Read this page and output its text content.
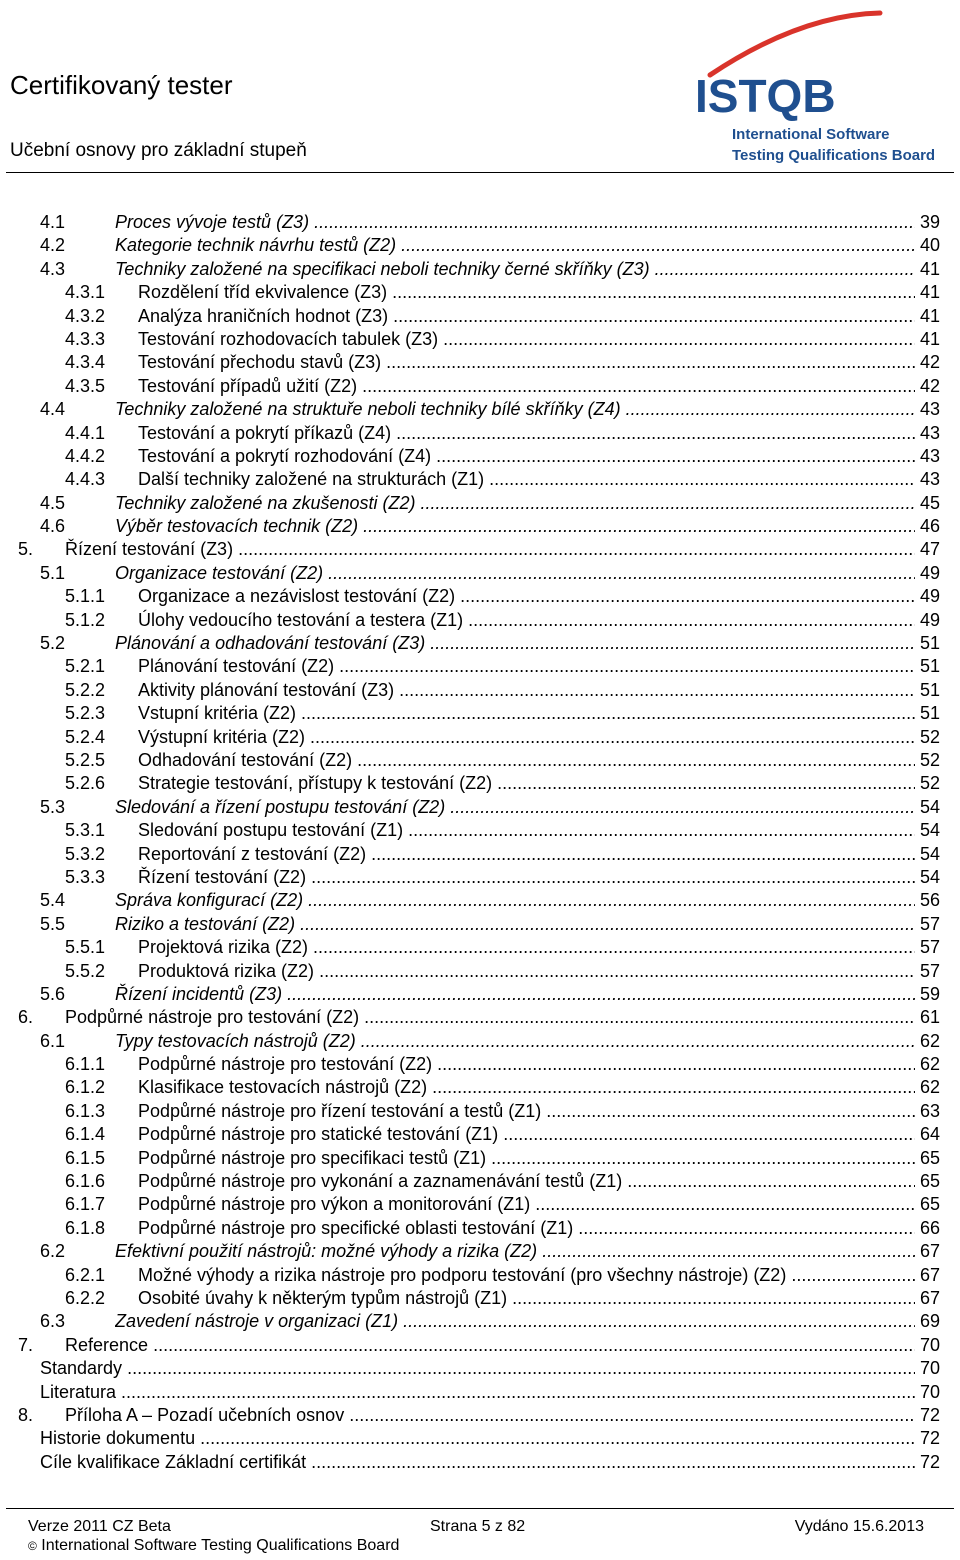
Certifikovaný tester
Učební osnovy pro základní stupeň
ISTQB
International Software
Testing Qualifications Board
4.1	Proces vývoje testů (Z3) .....	39
4.2	Kategorie technik návrhu testů (Z2) .....	40
4.3	Techniky založené na specifikaci neboli techniky černé skříňky (Z3) .....	41
4.3.1 Rozdělení tříd ekvivalence (Z3) .....	41
4.3.2 Analýza hraničních hodnot (Z3) .....	41
4.3.3 Testování rozhodovacích tabulek (Z3) .....	41
4.3.4 Testování přechodu stavů (Z3) .....	42
4.3.5 Testování případů užití (Z2) .....	42
4.4	Techniky založené na struktuře neboli techniky bílé skříňky (Z4) .....	43
4.4.1 Testování a pokrytí příkazů (Z4) .....	43
4.4.2 Testování a pokrytí rozhodování (Z4) .....	43
4.4.3 Další techniky založené na strukturách (Z1) .....	43
4.5	Techniky založené na zkušenosti (Z2) .....	45
4.6	Výběr testovacích technik (Z2) .....	46
5. Řízení testování (Z3) .....	47
5.1	Organizace testování (Z2) .....	49
5.1.1 Organizace a nezávislost testování (Z2) .....	49
5.1.2 Úlohy vedoucího testování a testera (Z1) .....	49
5.2	Plánování a odhadování testování (Z3) .....	51
5.2.1 Plánování testování (Z2) .....	51
5.2.2 Aktivity plánování testování (Z3) .....	51
5.2.3 Vstupní kritéria (Z2) .....	51
5.2.4 Výstupní kritéria (Z2) .....	52
5.2.5 Odhadování testování (Z2) .....	52
5.2.6 Strategie testování, přístupy k testování (Z2) .....	52
5.3	Sledování a řízení postupu testování (Z2) .....	54
5.3.1 Sledování postupu testování (Z1) .....	54
5.3.2 Reportování z testování (Z2) .....	54
5.3.3 Řízení testování (Z2) .....	54
5.4	Správa konfigurací (Z2) .....	56
5.5	Riziko a testování (Z2) .....	57
5.5.1 Projektová rizika (Z2) .....	57
5.5.2 Produktová rizika (Z2) .....	57
5.6	Řízení incidentů (Z3) .....	59
6. Podpůrné nástroje pro testování (Z2) .....	61
6.1	Typy testovacích nástrojů (Z2) .....	62
6.1.1 Podpůrné nástroje pro testování (Z2) .....	62
6.1.2 Klasifikace testovacích nástrojů (Z2) .....	62
6.1.3 Podpůrné nástroje pro řízení testování a testů (Z1) .....	63
6.1.4 Podpůrné nástroje pro statické testování (Z1) .....	64
6.1.5 Podpůrné nástroje pro specifikaci testů (Z1) .....	65
6.1.6 Podpůrné nástroje pro vykonání a zaznamenávání testů (Z1) .....	65
6.1.7 Podpůrné nástroje pro výkon a monitorování (Z1) .....	65
6.1.8 Podpůrné nástroje pro specifické oblasti testování (Z1) .....	66
6.2	Efektivní použití nástrojů: možné výhody a rizika (Z2) .....	67
6.2.1 Možné výhody a rizika nástroje pro podporu testování (pro všechny nástroje) (Z2) .....	67
6.2.2 Osobité úvahy k některým typům nástrojů (Z1) .....	67
6.3	Zavedení nástroje v organizaci (Z1) .....	69
7. Reference .....	70
Standardy .....	70
Literatura .....	70
8. Příloha A – Pozadí učebních osnov .....	72
Historie dokumentu .....	72
Cíle kvalifikace Základní certifikát .....	72
Verze 2011 CZ Beta	Strana 5 z 82	Vydáno 15.6.2013
© International Software Testing Qualifications Board
